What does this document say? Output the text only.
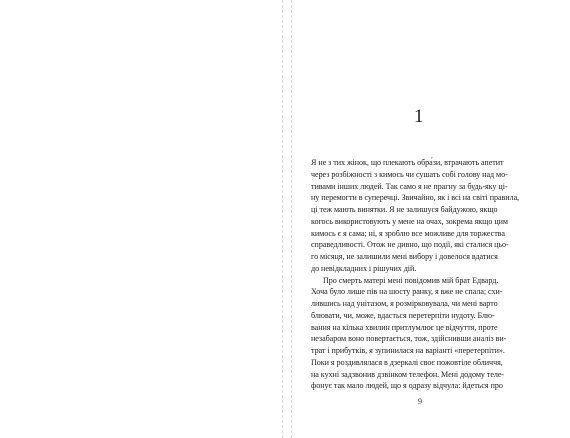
1
Я не з тих жінок, що плекають обра́зи, втрачають апетит
через розбіжності з кимось чи сушать собі голову над мо-
тивами інших людей. Так само я не прагну за будь-яку ці-
ну перемогти в суперечці. Звичайно, як і всі на світі правила,
ці теж мають винятки. Я не залишуся байдужою, якщо
когось використовують у мене на очах, зокрема якщо цим
кимось є я сама; ні, я зроблю все можливе для торжества
справедливості. Отож не дивно, що події, які сталися цьо-
го місяця, не залишили мені вибору і довелося вдатися
до невідкладних і рішучих дій.
Про смерть матері мені повідомив мій брат Едвард.
Хоча було лише пів на шосту ранку, я вже не спала; схи-
лившись над унітазом, я розмірковувала, чи мені варто
блювати, чи, може, вдасться перетерпіти нудоту. Блю-
вання на кілька хвилин притлумлює це відчуття, проте
незабаром воно повертається, тож, здійснивши аналіз ви-
трат і прибутків, я зупинилася на варіанті «перетерпіти».
Поки я роздивлялася в дзеркалі своє пожовтіле обличчя,
на кухні задзвонив дзвінком телефон. Мені додому теле-
фонує так мало людей, що я одразу відчула: йдеться про
9
